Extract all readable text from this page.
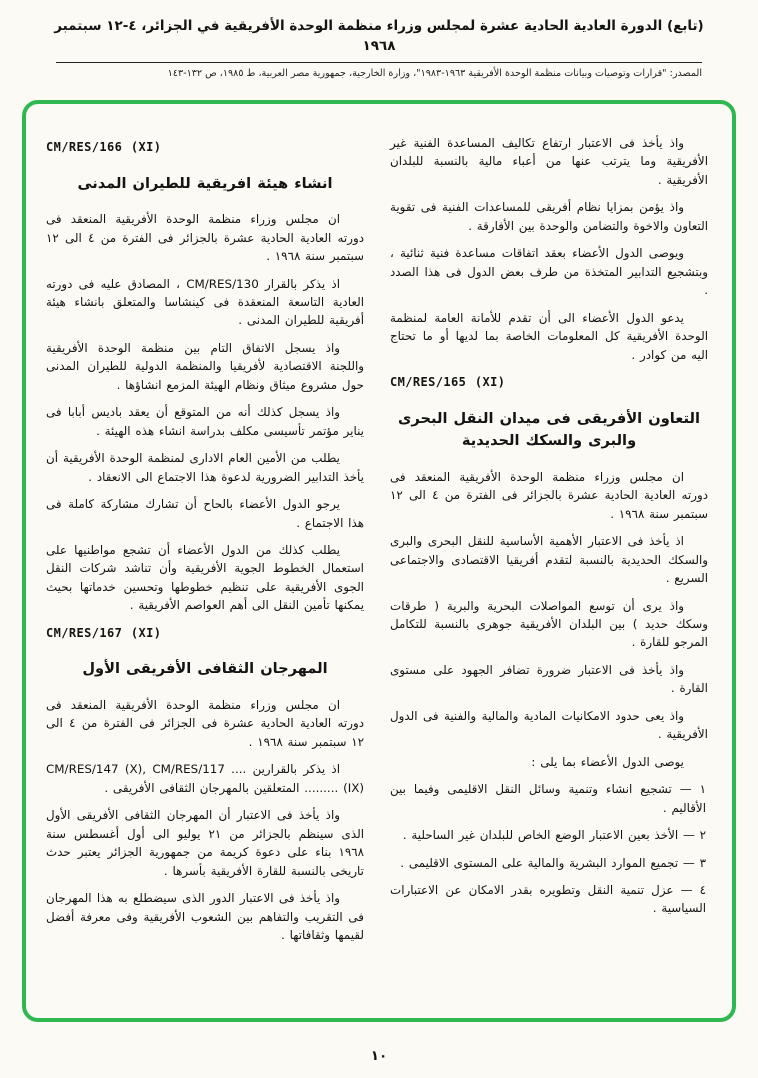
(تابع) الدورة العادية الحادية عشرة لمجلس وزراء منظمة الوحدة الأفريقية في الجزائر، ٤-١٢ سبتمبر ١٩٦٨
المصدر: "قرارات وتوصيات وبيانات منظمة الوحدة الأفريقية ١٩٦٣-١٩٨٣"، وزارة الخارجية، جمهورية مصر العربية، ط ١٩٨٥، ص ١٣٢-١٤٣
واذ يأخذ فى الاعتبار ارتفاع تكاليف المساعدة الفنية غير الأفريقية وما يترتب عنها من أعباء مالية بالنسبة للبلدان الأفريقية .
واذ يؤمن بمزايا نظام أفريقى للمساعدات الفنية فى تقوية التعاون والاخوة والتضامن والوحدة بين الأفارقة .
ويوصى الدول الأعضاء بعقد اتفاقات مساعدة فنية ثنائية ، وبتشجيع التدابير المتخذة من طرف بعض الدول فى هذا الصدد .
يدعو الدول الأعضاء الى أن تقدم للأمانة العامة لمنظمة الوحدة الأفريقية كل المعلومات الخاصة بما لديها أو ما تحتاج اليه من كوادر .
CM/RES/165 (XI)
التعاون الأفريقى فى ميدان النقل البحرى والبرى والسكك الحديدية
ان مجلس وزراء منظمة الوحدة الأفريقية المنعقد فى دورته العادية الحادية عشرة بالجزائر فى الفترة من ٤ الى ١٢ سبتمبر سنة ١٩٦٨ .
اذ يأخذ فى الاعتبار الأهمية الأساسية للنقل البحرى والبرى والسكك الحديدية بالنسبة لتقدم أفريقيا الاقتصادى والاجتماعى السريع .
واذ يرى أن توسع المواصلات البحرية والبرية ( طرقات وسكك حديد ) بين البلدان الأفريقية جوهرى بالنسبة للتكامل المرجو للقارة .
واذ يأخذ فى الاعتبار ضرورة تضافر الجهود على مستوى القارة .
واذ يعى حدود الامكانيات المادية والمالية والفنية فى الدول الأفريقية .
يوصى الدول الأعضاء بما يلى :
١ — تشجيع انشاء وتنمية وسائل النقل الاقليمى وفيما بين الأقاليم .
٢ — الأخذ بعين الاعتبار الوضع الخاص للبلدان غير الساحلية .
٣ — تجميع الموارد البشرية والمالية على المستوى الاقليمى .
٤ — عزل تنمية النقل وتطويره بقدر الامكان عن الاعتبارات السياسية .
CM/RES/166 (XI)
انشاء هيئة افريقية للطيران المدنى
ان مجلس وزراء منظمة الوحدة الأفريقية المنعقد فى دورته العادية الحادية عشرة بالجزائر فى الفترة من ٤ الى ١٢ سبتمبر سنة ١٩٦٨ .
اذ يذكر بالقرار CM/RES/130 ، المصادق عليه فى دورته العادية التاسعة المنعقدة فى كينشاسا والمتعلق بانشاء هيئة أفريقية للطيران المدنى .
واذ يسجل الاتفاق التام بين منظمة الوحدة الأفريقية واللجنة الاقتصادية لأفريقيا والمنظمة الدولية للطيران المدنى حول مشروع ميثاق ونظام الهيئة المزمع انشاؤها .
واذ يسجل كذلك أنه من المتوقع أن يعقد باديس أبابا فى يناير مؤتمر تأسيسى مكلف بدراسة انشاء هذه الهيئة .
يطلب من الأمين العام الادارى لمنظمة الوحدة الأفريقية أن يأخذ التدابير الضرورية لدعوة هذا الاجتماع الى الانعقاد .
يرجو الدول الأعضاء بالحاح أن تشارك مشاركة كاملة فى هذا الاجتماع .
يطلب كذلك من الدول الأعضاء أن تشجع مواطنيها على استعمال الخطوط الجوية الأفريقية وأن تناشد شركات النقل الجوى الأفريقية على تنظيم خطوطها وتحسين خدماتها بحيث يمكنها تأمين النقل الى أهم العواصم الأفريقية .
CM/RES/167 (XI)
المهرجان الثقافى الأفريقى الأول
ان مجلس وزراء منظمة الوحدة الأفريقية المنعقد فى دورته العادية الحادية عشرة فى الجزائر فى الفترة من ٤ الى ١٢ سبتمبر سنة ١٩٦٨ .
اذ يذكر بالقرارين .... CM/RES/147 (X), CM/RES/117 (IX) ......... المتعلقين بالمهرجان الثقافى الأفريقى .
واذ يأخذ فى الاعتبار أن المهرجان الثقافى الأفريقى الأول الذى سينظم بالجزائر من ٢١ يوليو الى أول أغسطس سنة ١٩٦٨ بناء على دعوة كريمة من جمهورية الجزائر يعتبر حدث تاريخى بالنسبة للقارة الأفريقية بأسرها .
واذ يأخذ فى الاعتبار الدور الذى سيضطلع به هذا المهرجان فى التقريب والتفاهم بين الشعوب الأفريقية وفى معرفة أفضل لقيمها وثقافاتها .
١٠
